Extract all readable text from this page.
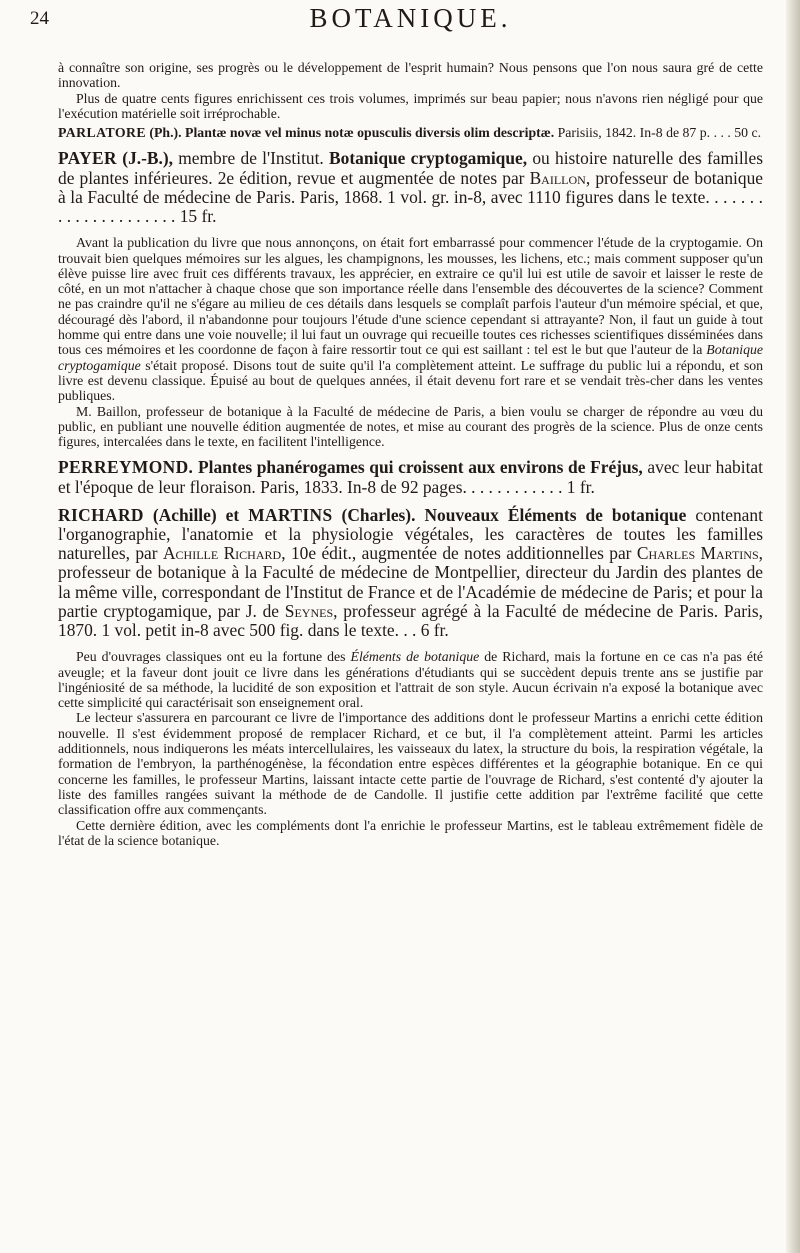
24	BOTANIQUE.

à connaître son origine, ses progrès ou le développement de l'esprit humain? Nous pensons que l'on nous saura gré de cette innovation.

Plus de quatre cents figures enrichissent ces trois volumes, imprimés sur beau papier; nous n'avons rien négligé pour que l'exécution matérielle soit irréprochable.

PARLATORE (Ph.). Plantæ novæ vel minus notæ opusculis diversis olim descriptæ. Parisiis, 1842. In-8 de 87 p. . . . 50 c.

PAYER (J.-B.), membre de l'Institut. Botanique cryptogamique, ou histoire naturelle des familles de plantes inférieures. 2e édition, revue et augmentée de notes par Baillon, professeur de botanique à la Faculté de médecine de Paris. Paris, 1868. 1 vol. gr. in-8, avec 1110 figures dans le texte. . . . . . . . . . . . . . . . . . . . . 15 fr.

Avant la publication du livre que nous annonçons, on était fort embarrassé pour commencer l'étude de la cryptogamie. On trouvait bien quelques mémoires sur les algues, les champignons, les mousses, les lichens, etc.; mais comment supposer qu'un élève puisse lire avec fruit ces différents travaux, les apprécier, en extraire ce qu'il lui est utile de savoir et laisser le reste de côté, en un mot n'attacher à chaque chose que son importance réelle dans l'ensemble des découvertes de la science? Comment ne pas craindre qu'il ne s'égare au milieu de ces détails dans lesquels se complaît parfois l'auteur d'un mémoire spécial, et que, découragé dès l'abord, il n'abandonne pour toujours l'étude d'une science cependant si attrayante? Non, il faut un guide à tout homme qui entre dans une voie nouvelle; il lui faut un ouvrage qui recueille toutes ces richesses scientifiques disséminées dans tous ces mémoires et les coordonne de façon à faire ressortir tout ce qui est saillant : tel est le but que l'auteur de la Botanique cryptogamique s'était proposé. Disons tout de suite qu'il l'a complètement atteint. Le suffrage du public lui a répondu, et son livre est devenu classique. Épuisé au bout de quelques années, il était devenu fort rare et se vendait très-cher dans les ventes publiques.

M. Baillon, professeur de botanique à la Faculté de médecine de Paris, a bien voulu se charger de répondre au vœu du public, en publiant une nouvelle édition augmentée de notes, et mise au courant des progrès de la science. Plus de onze cents figures, intercalées dans le texte, en facilitent l'intelligence.

PERREYMOND. Plantes phanérogames qui croissent aux environs de Fréjus, avec leur habitat et l'époque de leur floraison. Paris, 1833. In-8 de 92 pages. . . . . . . . . . . . 1 fr.

RICHARD (Achille) et MARTINS (Charles). Nouveaux Éléments de botanique contenant l'organographie, l'anatomie et la physiologie végétales, les caractères de toutes les familles naturelles, par Achille Richard, 10e édit., augmentée de notes additionnelles par Charles Martins, professeur de botanique à la Faculté de médecine de Montpellier, directeur du Jardin des plantes de la même ville, correspondant de l'Institut de France et de l'Académie de médecine de Paris; et pour la partie cryptogamique, par J. de Seynes, professeur agrégé à la Faculté de médecine de Paris. Paris, 1870. 1 vol. petit in-8 avec 500 fig. dans le texte. . . 6 fr.

Peu d'ouvrages classiques ont eu la fortune des Éléments de botanique de Richard, mais la fortune en ce cas n'a pas été aveugle; et la faveur dont jouit ce livre dans les générations d'étudiants qui se succèdent depuis trente ans se justifie par l'ingéniosité de sa méthode, la lucidité de son exposition et l'attrait de son style. Aucun écrivain n'a exposé la botanique avec cette simplicité qui caractérisait son enseignement oral.

Le lecteur s'assurera en parcourant ce livre de l'importance des additions dont le professeur Martins a enrichi cette édition nouvelle. Il s'est évidemment proposé de remplacer Richard, et ce but, il l'a complètement atteint. Parmi les articles additionnels, nous indiquerons les méats intercellulaires, les vaisseaux du latex, la structure du bois, la respiration végétale, la formation de l'embryon, la parthénogénèse, la fécondation entre espèces différentes et la géographie botanique. En ce qui concerne les familles, le professeur Martins, laissant intacte cette partie de l'ouvrage de Richard, s'est contenté d'y ajouter la liste des familles rangées suivant la méthode de de Candolle. Il justifie cette addition par l'extrême facilité que cette classification offre aux commençants.

Cette dernière édition, avec les compléments dont l'a enrichie le professeur Martins, est le tableau extrêmement fidèle de l'état de la science botanique.
